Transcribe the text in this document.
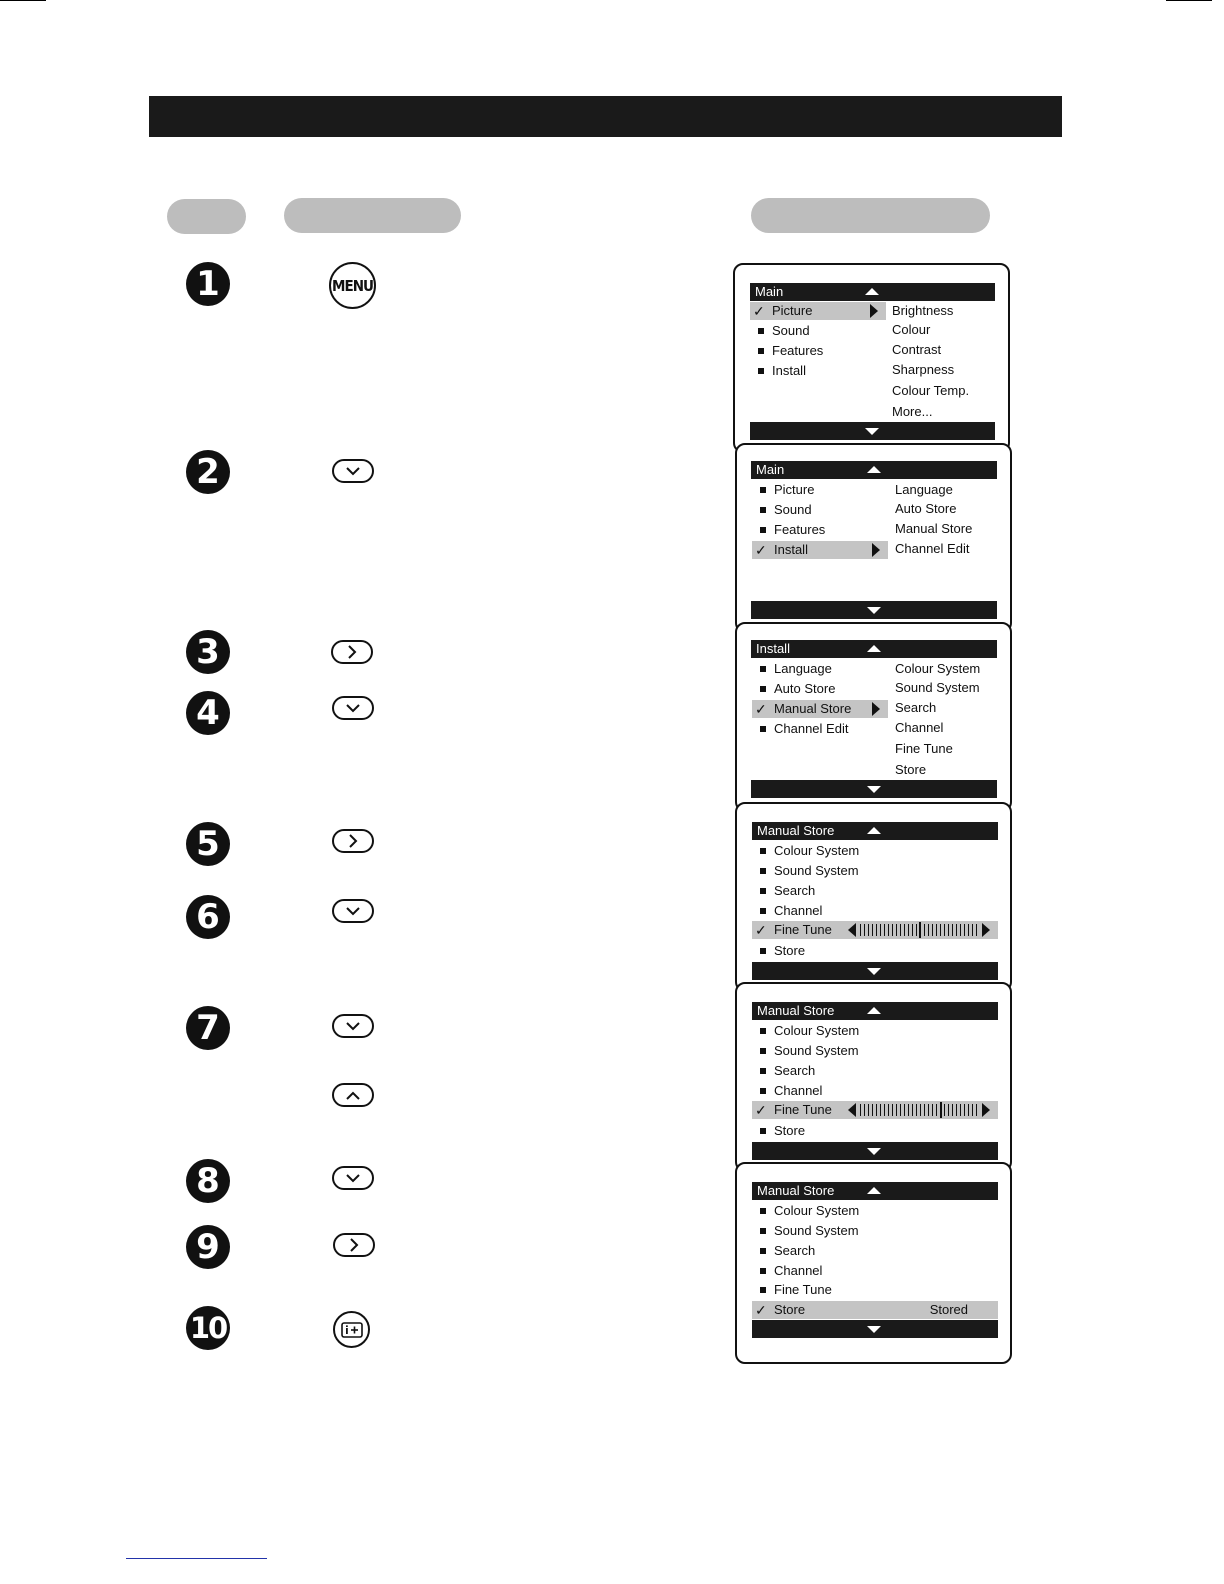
1
2
3
4
5
6
7
8
9
10
MENU	Main
✓ Picture
Sound
Features
Install
Brightness
Colour
Contrast
Sharpness
Colour Temp.
More...
Main
Picture
Sound
Features
✓ Install
Language
Auto Store
Manual Store
Channel Edit
Install
Language
Auto Store
✓ Manual Store
Channel Edit
Colour System
Sound System
Search
Channel
Fine Tune
Store
Manual Store
Colour System
Sound System
Search
Channel
✓ Fine Tune
Store
Manual Store
Colour System
Sound System
Search
Channel
✓ Fine Tune
Store
Manual Store
Colour System
Sound System
Search
Channel
Fine Tune
✓ Store	Stored
